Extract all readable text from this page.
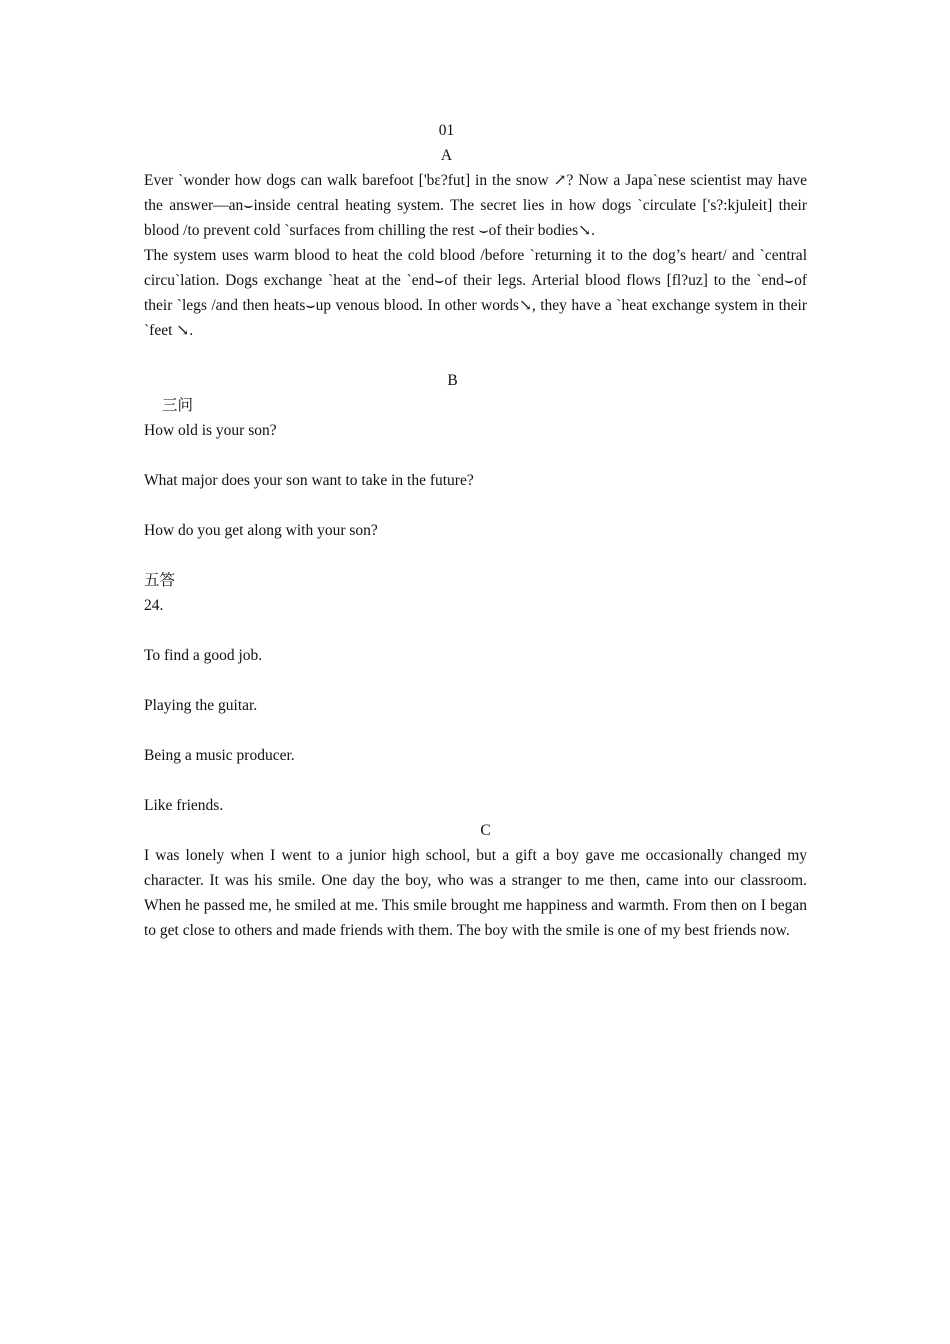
01
A

Ever `wonder how dogs can walk barefoot ['bɛ?fut] in the snow ↗? Now a Japa`nese scientist may have the answer—an⌣inside central heating system. The secret lies in how dogs `circulate ['s?:kjuleit] their blood /to prevent cold `surfaces from chilling the rest ⌣of their bodies↘.

The system uses warm blood to heat the cold blood /before `returning it to the dog’s heart/ and `central circu`lation. Dogs exchange `heat at the `end⌣of their legs. Arterial blood flows [fl?uz] to the `end⌣of their `legs /and then heats⌣up venous blood. In other words↘, they have a `heat exchange system in their `feet ↘.

B

三问

How old is your son?

What major does your son want to take in the future?

How do you get along with your son?

五答

24.

To find a good job.

Playing the guitar.

Being a music producer.

Like friends.

C

I was lonely when I went to a junior high school, but a gift a boy gave me occasionally changed my character. It was his smile. One day the boy, who was a stranger to me then, came into our classroom. When he passed me, he smiled at me. This smile brought me happiness and warmth. From then on I began to get close to others and made friends with them. The boy with the smile is one of my best friends now.
